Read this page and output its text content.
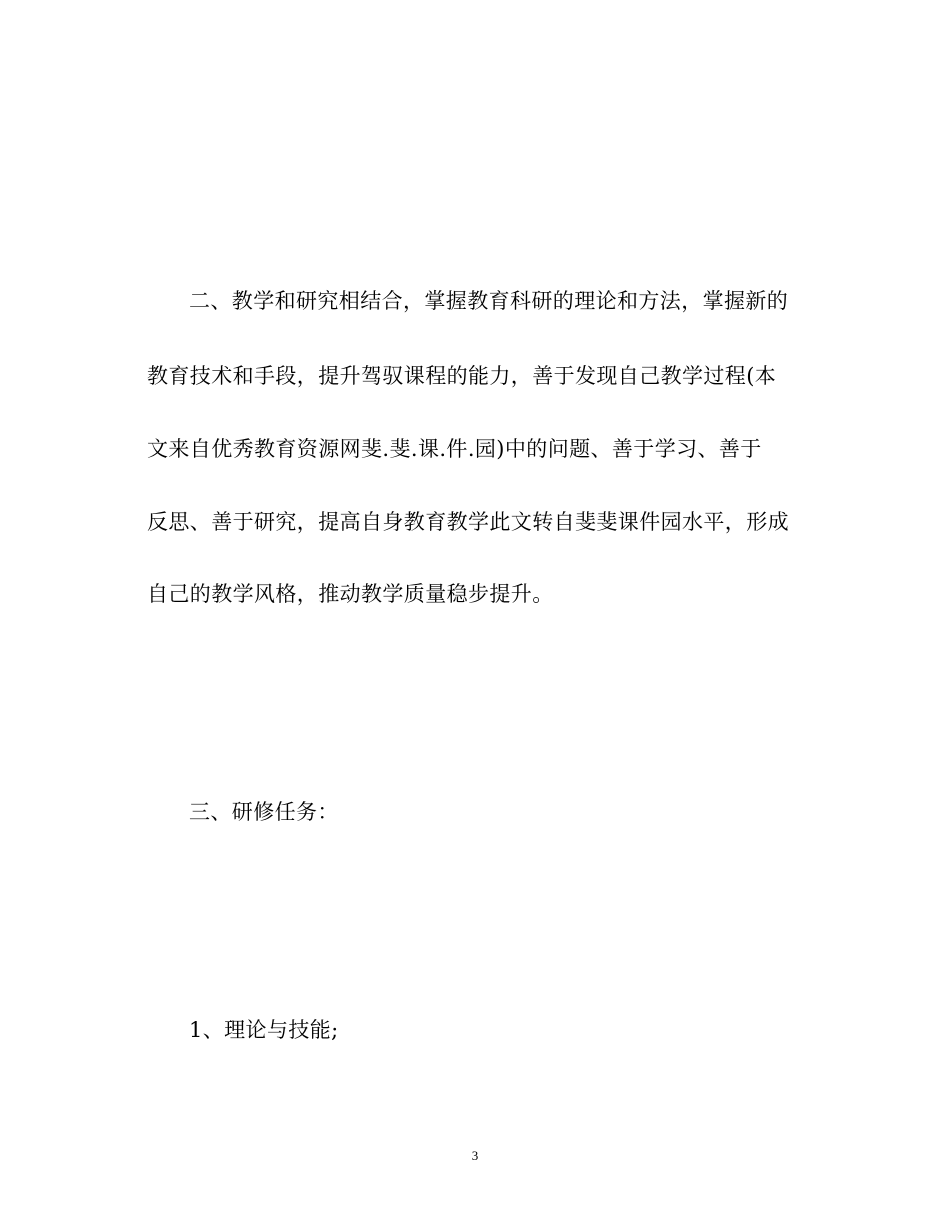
二、教学和研究相结合，掌握教育科研的理论和方法，掌握新的
教育技术和手段，提升驾驭课程的能力，善于发现自己教学过程(本
文来自优秀教育资源网斐.斐.课.件.园)中的问题、善于学习、善于
反思、善于研究，提高自身教育教学此文转自斐斐课件园水平，形成
自己的教学风格，推动教学质量稳步提升。
三、研修任务：
1、理论与技能;
3
